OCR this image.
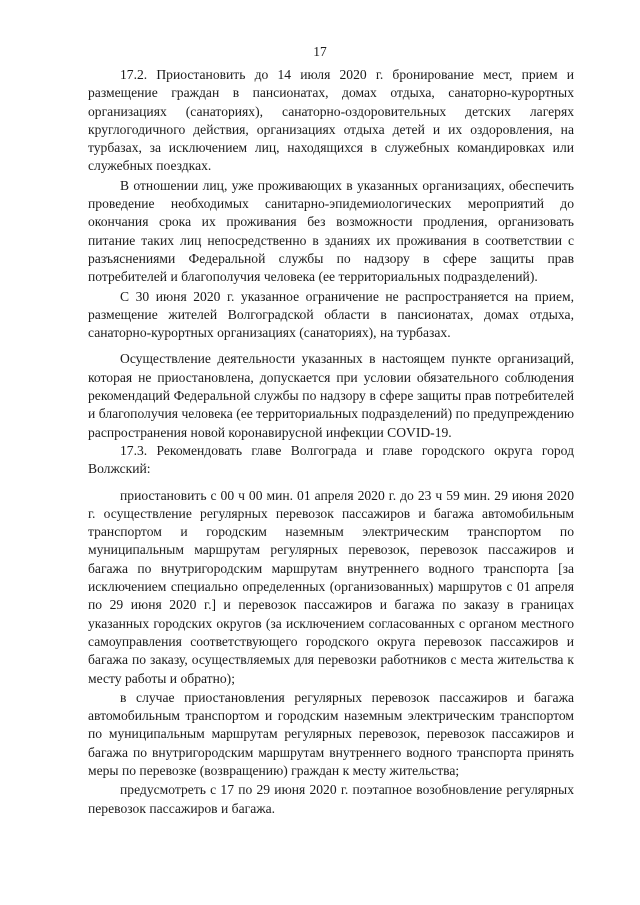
17

17.2. Приостановить до 14 июля 2020 г. бронирование мест, прием и размещение граждан в пансионатах, домах отдыха, санаторно-курортных организациях (санаториях), санаторно-оздоровительных детских лагерях круглогодичного действия, организациях отдыха детей и их оздоровления, на турбазах, за исключением лиц, находящихся в служебных командировках или служебных поездках.

В отношении лиц, уже проживающих в указанных организациях, обеспечить проведение необходимых санитарно-эпидемиологических мероприятий до окончания срока их проживания без возможности продления, организовать питание таких лиц непосредственно в зданиях их проживания в соответствии с разъяснениями Федеральной службы по надзору в сфере защиты прав потребителей и благополучия человека (ее территориальных подразделений).

С 30 июня 2020 г. указанное ограничение не распространяется на прием, размещение жителей Волгоградской области в пансионатах, домах отдыха, санаторно-курортных организациях (санаториях), на турбазах.

Осуществление деятельности указанных в настоящем пункте организаций, которая не приостановлена, допускается при условии обязательного соблюдения рекомендаций Федеральной службы по надзору в сфере защиты прав потребителей и благополучия человека (ее территориальных подразделений) по предупреждению распространения новой коронавирусной инфекции COVID-19.

17.3. Рекомендовать главе Волгограда и главе городского округа город Волжский:

приостановить с 00 ч 00 мин. 01 апреля 2020 г. до 23 ч 59 мин. 29 июня 2020 г. осуществление регулярных перевозок пассажиров и багажа автомобильным транспортом и городским наземным электрическим транспортом по муниципальным маршрутам регулярных перевозок, перевозок пассажиров и багажа по внутригородским маршрутам внутреннего водного транспорта [за исключением специально определенных (организованных) маршрутов с 01 апреля по 29 июня 2020 г.] и перевозок пассажиров и багажа по заказу в границах указанных городских округов (за исключением согласованных с органом местного самоуправления соответствующего городского округа перевозок пассажиров и багажа по заказу, осуществляемых для перевозки работников с места жительства к месту работы и обратно);

в случае приостановления регулярных перевозок пассажиров и багажа автомобильным транспортом и городским наземным электрическим транспортом по муниципальным маршрутам регулярных перевозок, перевозок пассажиров и багажа по внутригородским маршрутам внутреннего водного транспорта принять меры по перевозке (возвращению) граждан к месту жительства;

предусмотреть с 17 по 29 июня 2020 г. поэтапное возобновление регулярных перевозок пассажиров и багажа.
